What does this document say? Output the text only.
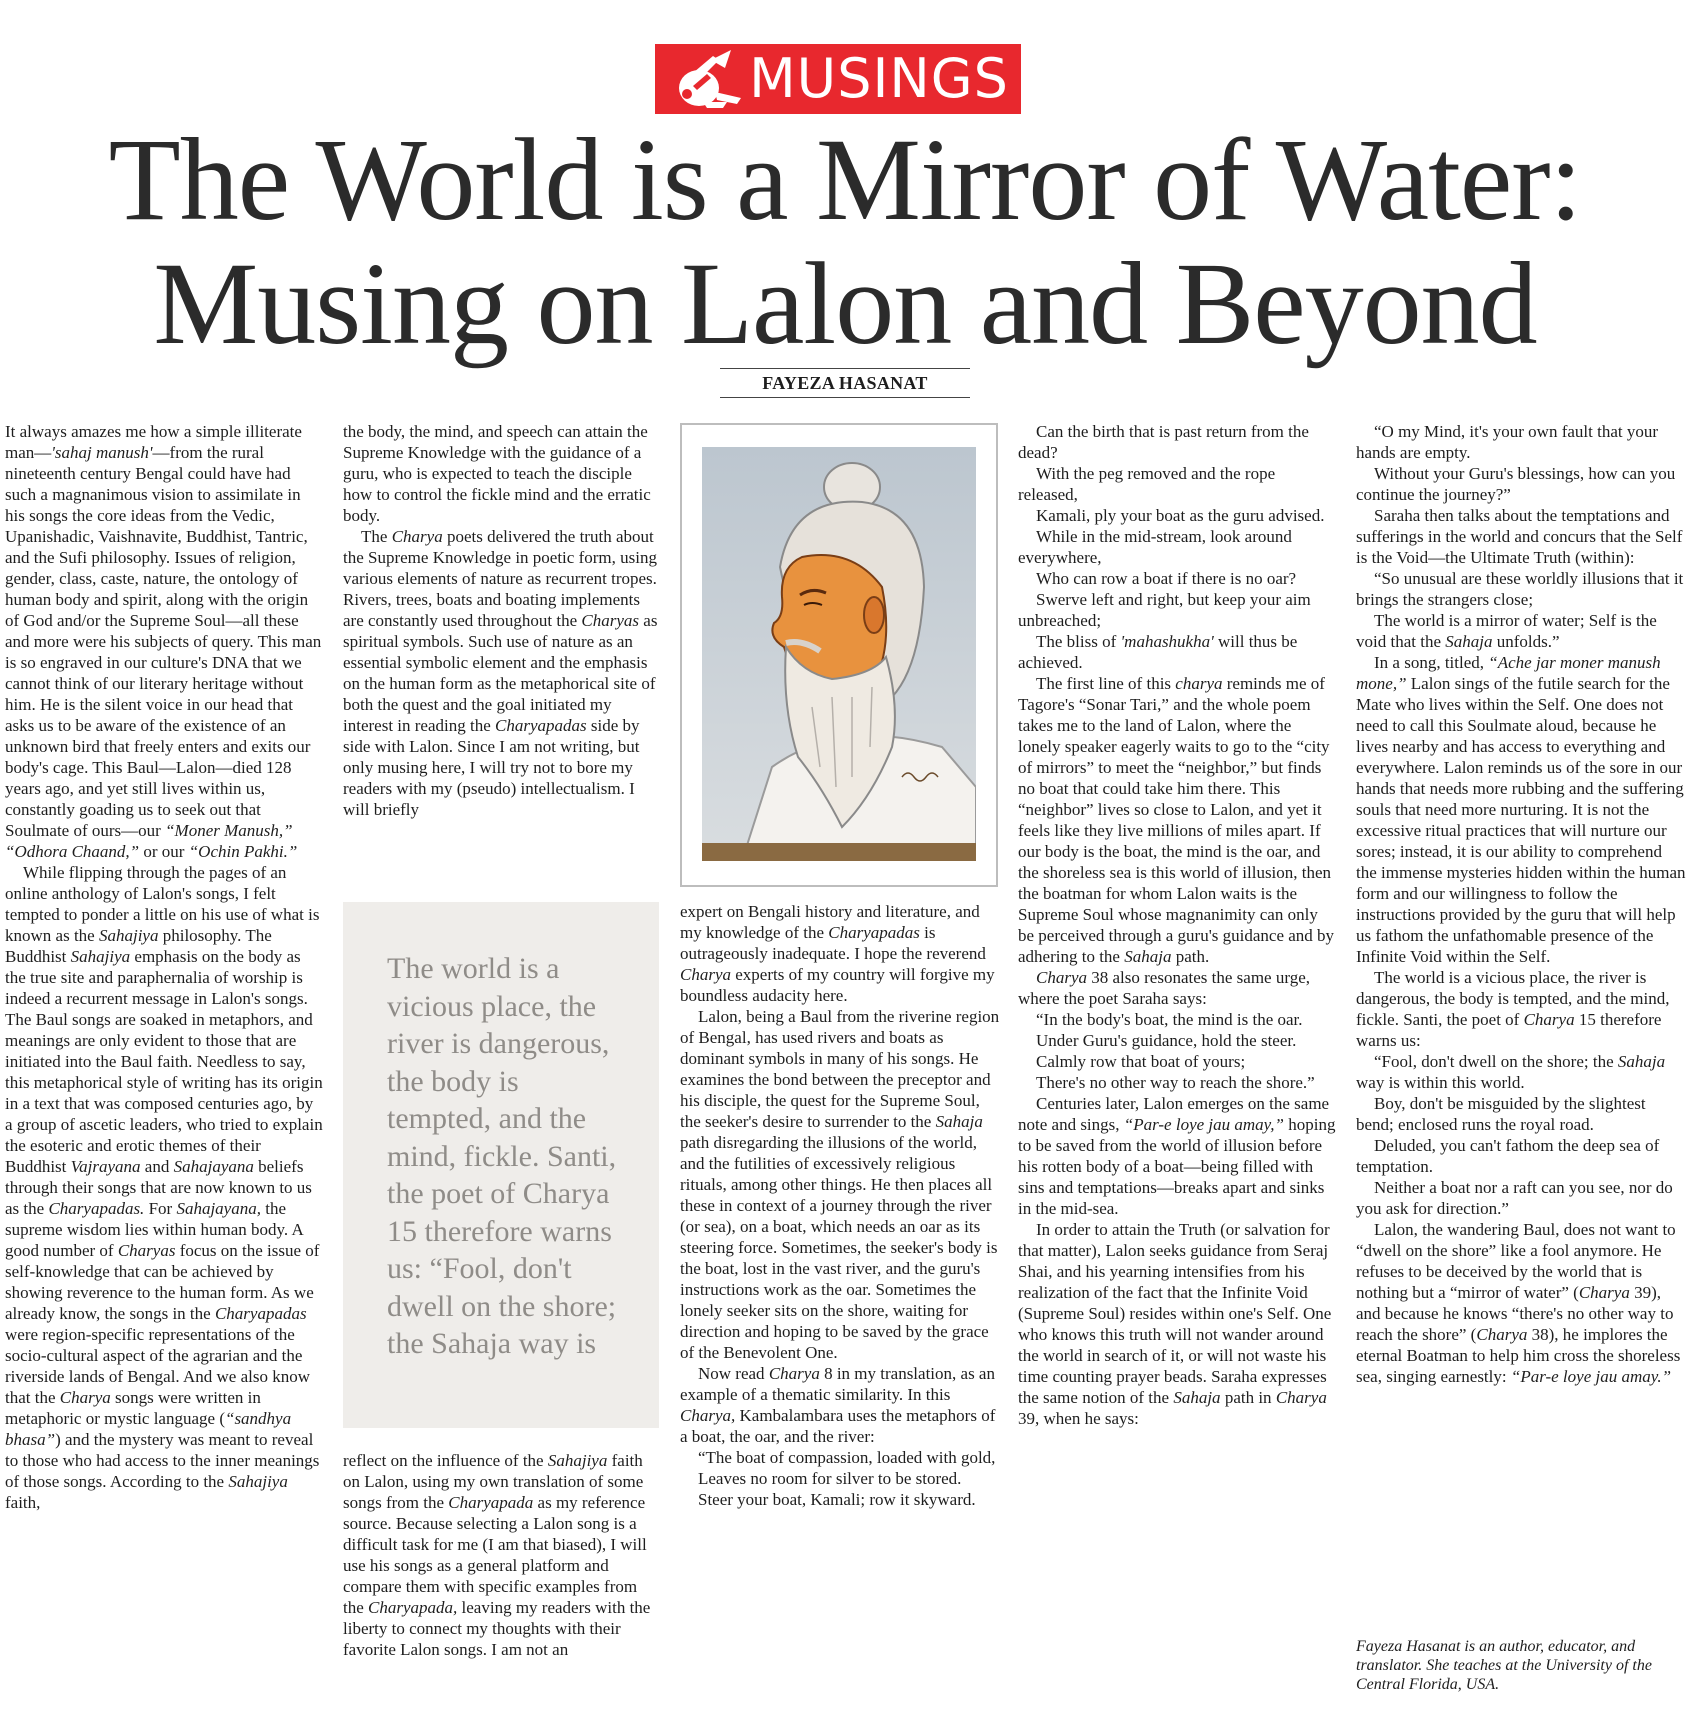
MUSINGS
The World is a Mirror of Water:
Musing on Lalon and Beyond
FAYEZA HASANAT

It always amazes me how a simple illiterate man—'sahaj manush'—from the rural nineteenth century Bengal could have had such a magnanimous vision to assimilate in his songs the core ideas from the Vedic, Upanishadic, Vaishnavite, Buddhist, Tantric, and the Sufi philosophy. Issues of religion, gender, class, caste, nature, the ontology of human body and spirit, along with the origin of God and/or the Supreme Soul—all these and more were his subjects of query. This man is so engraved in our culture's DNA that we cannot think of our literary heritage without him. He is the silent voice in our head that asks us to be aware of the existence of an unknown bird that freely enters and exits our body's cage. This Baul—Lalon—died 128 years ago, and yet still lives within us, constantly goading us to seek out that Soulmate of ours—our “Moner Manush,” “Odhora Chaand,” or our “Ochin Pakhi.”

While flipping through the pages of an online anthology of Lalon's songs, I felt tempted to ponder a little on his use of what is known as the Sahajiya philosophy. The Buddhist Sahajiya emphasis on the body as the true site and paraphernalia of worship is indeed a recurrent message in Lalon's songs. The Baul songs are soaked in metaphors, and meanings are only evident to those that are initiated into the Baul faith. Needless to say, this metaphorical style of writing has its origin in a text that was composed centuries ago, by a group of ascetic leaders, who tried to explain the esoteric and erotic themes of their Buddhist Vajrayana and Sahajayana beliefs through their songs that are now known to us as the Charyapadas. For Sahajayana, the supreme wisdom lies within human body. A good number of Charyas focus on the issue of self-knowledge that can be achieved by showing reverence to the human form. As we already know, the songs in the Charyapadas were region-specific representations of the socio-cultural aspect of the agrarian and the riverside lands of Bengal. And we also know that the Charya songs were written in metaphoric or mystic language (“sandhya bhasa”) and the mystery was meant to reveal to those who had access to the inner meanings of those songs. According to the Sahajiya faith,

the body, the mind, and speech can attain the Supreme Knowledge with the guidance of a guru, who is expected to teach the disciple how to control the fickle mind and the erratic body.

The Charya poets delivered the truth about the Supreme Knowledge in poetic form, using various elements of nature as recurrent tropes. Rivers, trees, boats and boating implements are constantly used throughout the Charyas as spiritual symbols. Such use of nature as an essential symbolic element and the emphasis on the human form as the metaphorical site of both the quest and the goal initiated my interest in reading the Charyapadas side by side with Lalon. Since I am not writing, but only musing here, I will try not to bore my readers with my (pseudo) intellectualism. I will briefly

The world is a vicious place, the river is dangerous, the body is tempted, and the mind, fickle. Santi, the poet of Charya 15 therefore warns us: “Fool, don't dwell on the shore; the Sahaja way is

reflect on the influence of the Sahajiya faith on Lalon, using my own translation of some songs from the Charyapada as my reference source. Because selecting a Lalon song is a difficult task for me (I am that biased), I will use his songs as a general platform and compare them with specific examples from the Charyapada, leaving my readers with the liberty to connect my thoughts with their favorite Lalon songs. I am not an

expert on Bengali history and literature, and my knowledge of the Charyapadas is outrageously inadequate. I hope the reverend Charya experts of my country will forgive my boundless audacity here.

Lalon, being a Baul from the riverine region of Bengal, has used rivers and boats as dominant symbols in many of his songs. He examines the bond between the preceptor and his disciple, the quest for the Supreme Soul, the seeker's desire to surrender to the Sahaja path disregarding the illusions of the world, and the futilities of excessively religious rituals, among other things. He then places all these in context of a journey through the river (or sea), on a boat, which needs an oar as its steering force. Sometimes, the seeker's body is the boat, lost in the vast river, and the guru's instructions work as the oar. Sometimes the lonely seeker sits on the shore, waiting for direction and hoping to be saved by the grace of the Benevolent One.

Now read Charya 8 in my translation, as an example of a thematic similarity. In this Charya, Kambalambara uses the metaphors of a boat, the oar, and the river:

“The boat of compassion, loaded with gold,

Leaves no room for silver to be stored.

Steer your boat, Kamali; row it skyward.

Can the birth that is past return from the dead?

With the peg removed and the rope released,

Kamali, ply your boat as the guru advised.

While in the mid-stream, look around everywhere,

Who can row a boat if there is no oar?

Swerve left and right, but keep your aim unbreached;

The bliss of 'mahashukha' will thus be achieved.

The first line of this charya reminds me of Tagore's “Sonar Tari,” and the whole poem takes me to the land of Lalon, where the lonely speaker eagerly waits to go to the “city of mirrors” to meet the “neighbor,” but finds no boat that could take him there. This “neighbor” lives so close to Lalon, and yet it feels like they live millions of miles apart. If our body is the boat, the mind is the oar, and the shoreless sea is this world of illusion, then the boatman for whom Lalon waits is the Supreme Soul whose magnanimity can only be perceived through a guru's guidance and by adhering to the Sahaja path.

Charya 38 also resonates the same urge, where the poet Saraha says:

“In the body's boat, the mind is the oar.

Under Guru's guidance, hold the steer.

Calmly row that boat of yours;

There's no other way to reach the shore.”

Centuries later, Lalon emerges on the same note and sings, “Par-e loye jau amay,” hoping to be saved from the world of illusion before his rotten body of a boat—being filled with sins and temptations—breaks apart and sinks in the mid-sea.

In order to attain the Truth (or salvation for that matter), Lalon seeks guidance from Seraj Shai, and his yearning intensifies from his realization of the fact that the Infinite Void (Supreme Soul) resides within one's Self. One who knows this truth will not wander around the world in search of it, or will not waste his time counting prayer beads. Saraha expresses the same notion of the Sahaja path in Charya 39, when he says:

“O my Mind, it's your own fault that your hands are empty.

Without your Guru's blessings, how can you continue the journey?”

Saraha then talks about the temptations and sufferings in the world and concurs that the Self is the Void—the Ultimate Truth (within):

“So unusual are these worldly illusions that it brings the strangers close;

The world is a mirror of water; Self is the void that the Sahaja unfolds.”

In a song, titled, “Ache jar moner manush mone,” Lalon sings of the futile search for the Mate who lives within the Self. One does not need to call this Soulmate aloud, because he lives nearby and has access to everything and everywhere. Lalon reminds us of the sore in our hands that needs more rubbing and the suffering souls that need more nurturing. It is not the excessive ritual practices that will nurture our sores; instead, it is our ability to comprehend the immense mysteries hidden within the human form and our willingness to follow the instructions provided by the guru that will help us fathom the unfathomable presence of the Infinite Void within the Self.

The world is a vicious place, the river is dangerous, the body is tempted, and the mind, fickle. Santi, the poet of Charya 15 therefore warns us:

“Fool, don't dwell on the shore; the Sahaja way is within this world.

Boy, don't be misguided by the slightest bend; enclosed runs the royal road.

Deluded, you can't fathom the deep sea of temptation.

Neither a boat nor a raft can you see, nor do you ask for direction.”

Lalon, the wandering Baul, does not want to “dwell on the shore” like a fool anymore. He refuses to be deceived by the world that is nothing but a “mirror of water” (Charya 39), and because he knows “there's no other way to reach the shore” (Charya 38), he implores the eternal Boatman to help him cross the shoreless sea, singing earnestly: “Par-e loye jau amay.”

Fayeza Hasanat is an author, educator, and translator. She teaches at the University of the Central Florida, USA.
